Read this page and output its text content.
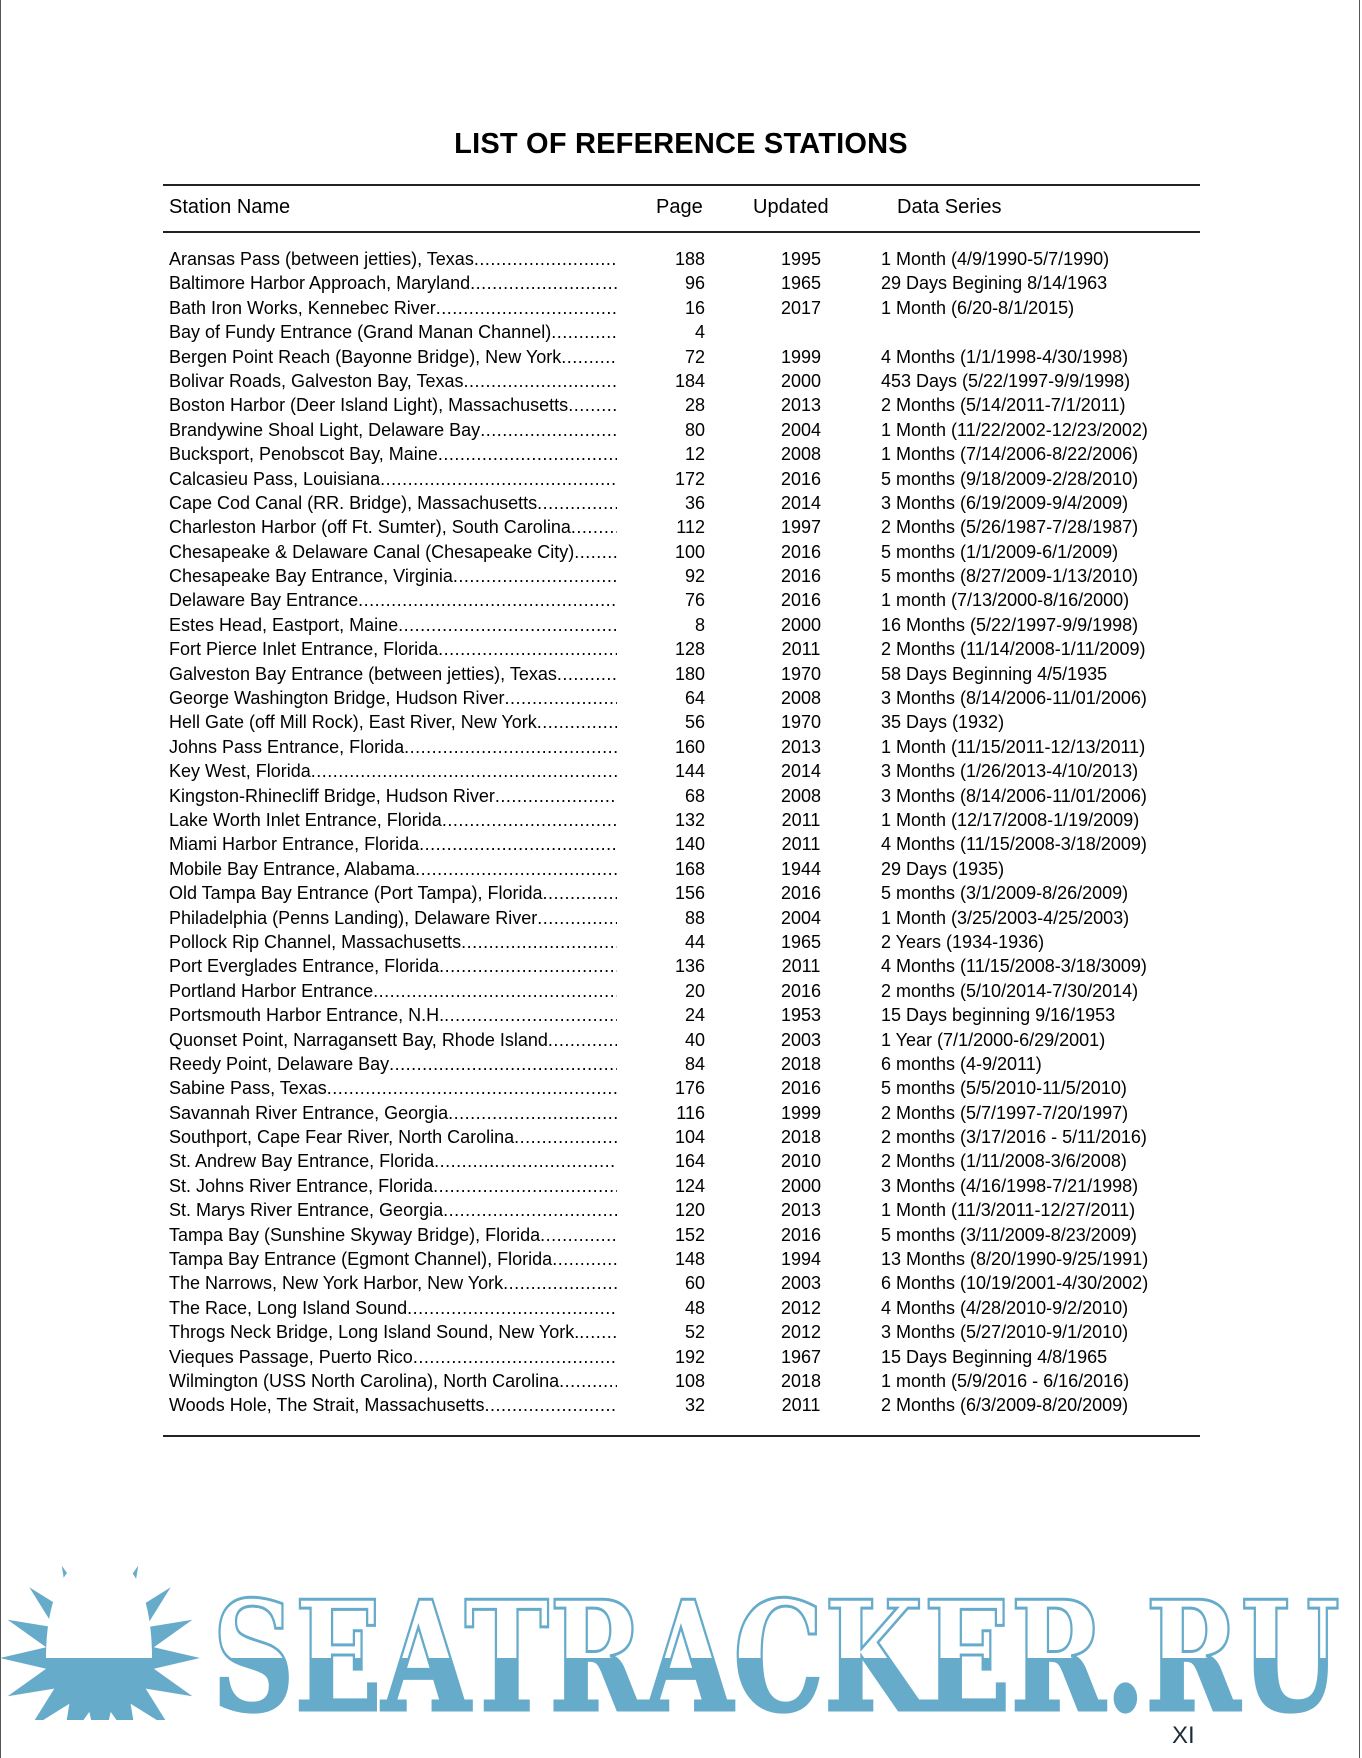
LIST OF REFERENCE STATIONS
Station Name	Page	Updated	Data Series
Aransas Pass (between jetties), Texas .....	188	1995	1 Month (4/9/1990-5/7/1990)
Baltimore Harbor Approach, Maryland .....	96	1965	29 Days Begining 8/14/1963
Bath Iron Works, Kennebec River .....	16	2017	1 Month (6/20-8/1/2015)
Bay of Fundy Entrance (Grand Manan Channel) .....	4
Bergen Point Reach (Bayonne Bridge), New York .....	72	1999	4 Months (1/1/1998-4/30/1998)
Bolivar Roads, Galveston Bay, Texas .....	184	2000	453 Days (5/22/1997-9/9/1998)
Boston Harbor (Deer Island Light), Massachusetts .....	28	2013	2 Months (5/14/2011-7/1/2011)
Brandywine Shoal Light, Delaware Bay .....	80	2004	1 Month (11/22/2002-12/23/2002)
Bucksport, Penobscot Bay, Maine .....	12	2008	1 Months (7/14/2006-8/22/2006)
Calcasieu Pass, Louisiana .....	172	2016	5 months (9/18/2009-2/28/2010)
Cape Cod Canal (RR. Bridge), Massachusetts .....	36	2014	3 Months (6/19/2009-9/4/2009)
Charleston Harbor (off Ft. Sumter), South Carolina .....	112	1997	2 Months (5/26/1987-7/28/1987)
Chesapeake & Delaware Canal (Chesapeake City) .....	100	2016	5 months (1/1/2009-6/1/2009)
Chesapeake Bay Entrance, Virginia .....	92	2016	5 months (8/27/2009-1/13/2010)
Delaware Bay Entrance .....	76	2016	1 month (7/13/2000-8/16/2000)
Estes Head, Eastport, Maine .....	8	2000	16 Months (5/22/1997-9/9/1998)
Fort Pierce Inlet Entrance, Florida .....	128	2011	2 Months (11/14/2008-1/11/2009)
Galveston Bay Entrance (between jetties), Texas .....	180	1970	58 Days Beginning 4/5/1935
George Washington Bridge, Hudson River .....	64	2008	3 Months (8/14/2006-11/01/2006)
Hell Gate (off Mill Rock), East River, New York .....	56	1970	35 Days (1932)
Johns Pass Entrance, Florida .....	160	2013	1 Month (11/15/2011-12/13/2011)
Key West, Florida .....	144	2014	3 Months (1/26/2013-4/10/2013)
Kingston-Rhinecliff Bridge, Hudson River .....	68	2008	3 Months (8/14/2006-11/01/2006)
Lake Worth Inlet Entrance, Florida .....	132	2011	1 Month (12/17/2008-1/19/2009)
Miami Harbor Entrance, Florida .....	140	2011	4 Months (11/15/2008-3/18/2009)
Mobile Bay Entrance, Alabama .....	168	1944	29 Days (1935)
Old Tampa Bay Entrance (Port Tampa), Florida .....	156	2016	5 months (3/1/2009-8/26/2009)
Philadelphia (Penns Landing), Delaware River .....	88	2004	1 Month (3/25/2003-4/25/2003)
Pollock Rip Channel, Massachusetts .....	44	1965	2 Years (1934-1936)
Port Everglades Entrance, Florida .....	136	2011	4 Months (11/15/2008-3/18/3009)
Portland Harbor Entrance .....	20	2016	2 months (5/10/2014-7/30/2014)
Portsmouth Harbor Entrance, N.H. .....	24	1953	15 Days beginning 9/16/1953
Quonset Point, Narragansett Bay, Rhode Island .....	40	2003	1 Year (7/1/2000-6/29/2001)
Reedy Point, Delaware Bay .....	84	2018	6 months (4-9/2011)
Sabine Pass, Texas .....	176	2016	5 months (5/5/2010-11/5/2010)
Savannah River Entrance, Georgia .....	116	1999	2 Months (5/7/1997-7/20/1997)
Southport, Cape Fear River, North Carolina .....	104	2018	2 months (3/17/2016 - 5/11/2016)
St. Andrew Bay Entrance, Florida .....	164	2010	2 Months (1/11/2008-3/6/2008)
St. Johns River Entrance, Florida .....	124	2000	3 Months (4/16/1998-7/21/1998)
St. Marys River Entrance, Georgia .....	120	2013	1 Month (11/3/2011-12/27/2011)
Tampa Bay (Sunshine Skyway Bridge), Florida .....	152	2016	5 months (3/11/2009-8/23/2009)
Tampa Bay Entrance (Egmont Channel), Florida .....	148	1994	13 Months (8/20/1990-9/25/1991)
The Narrows, New York Harbor, New York .....	60	2003	6 Months (10/19/2001-4/30/2002)
The Race, Long Island Sound .....	48	2012	4 Months (4/28/2010-9/2/2010)
Throgs Neck Bridge, Long Island Sound, New York. .....	52	2012	3 Months (5/27/2010-9/1/2010)
Vieques Passage, Puerto Rico .....	192	1967	15 Days Beginning 4/8/1965
Wilmington (USS North Carolina), North Carolina .....	108	2018	1 month (5/9/2016 - 6/16/2016)
Woods Hole, The Strait, Massachusetts .....	32	2011	2 Months (6/3/2009-8/20/2009)
SEATRACKER.RU
XI
